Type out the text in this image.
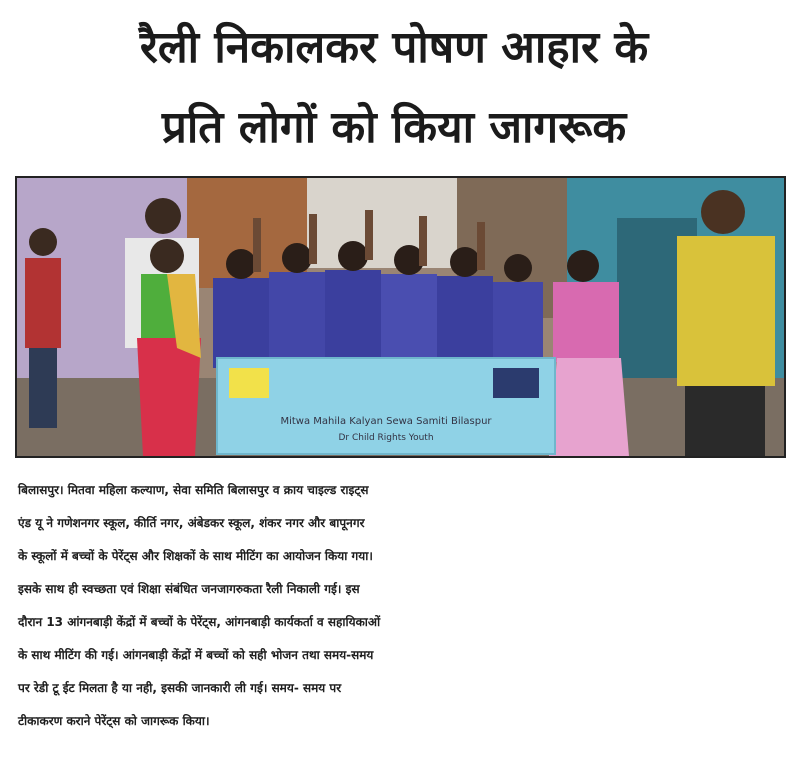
रैली निकालकर पोषण आहार के
प्रति लोगों को किया जागरूक
Mitwa Mahila Kalyan Sewa Samiti Bilaspur
Dr Child Rights Youth
बिलासपुर। मितवा महिला कल्याण, सेवा समिति बिलासपुर व क्राय चाइल्ड राइट्स
एंड यू ने गणेशनगर स्कूल, कीर्ति नगर, अंबेडकर स्कूल, शंकर नगर और बापूनगर
के स्कूलों में बच्चों के पेरेंट्स और शिक्षकों के साथ मीटिंग का आयोजन किया गया।
इसके साथ ही स्वच्छता एवं शिक्षा संबंधित जनजागरुकता रैली निकाली गई। इस
दौरान 13 आंगनबाड़ी केंद्रों में बच्चों के पेरेंट्स, आंगनबाड़ी कार्यकर्ता व सहायिकाओं
के साथ मीटिंग की गई। आंगनबाड़ी केंद्रों में बच्चों को सही भोजन तथा समय-समय
पर रेडी टू ईट मिलता है या नही, इसकी जानकारी ली गई। समय- समय पर
टीकाकरण कराने पेरेंट्स को जागरूक किया।
